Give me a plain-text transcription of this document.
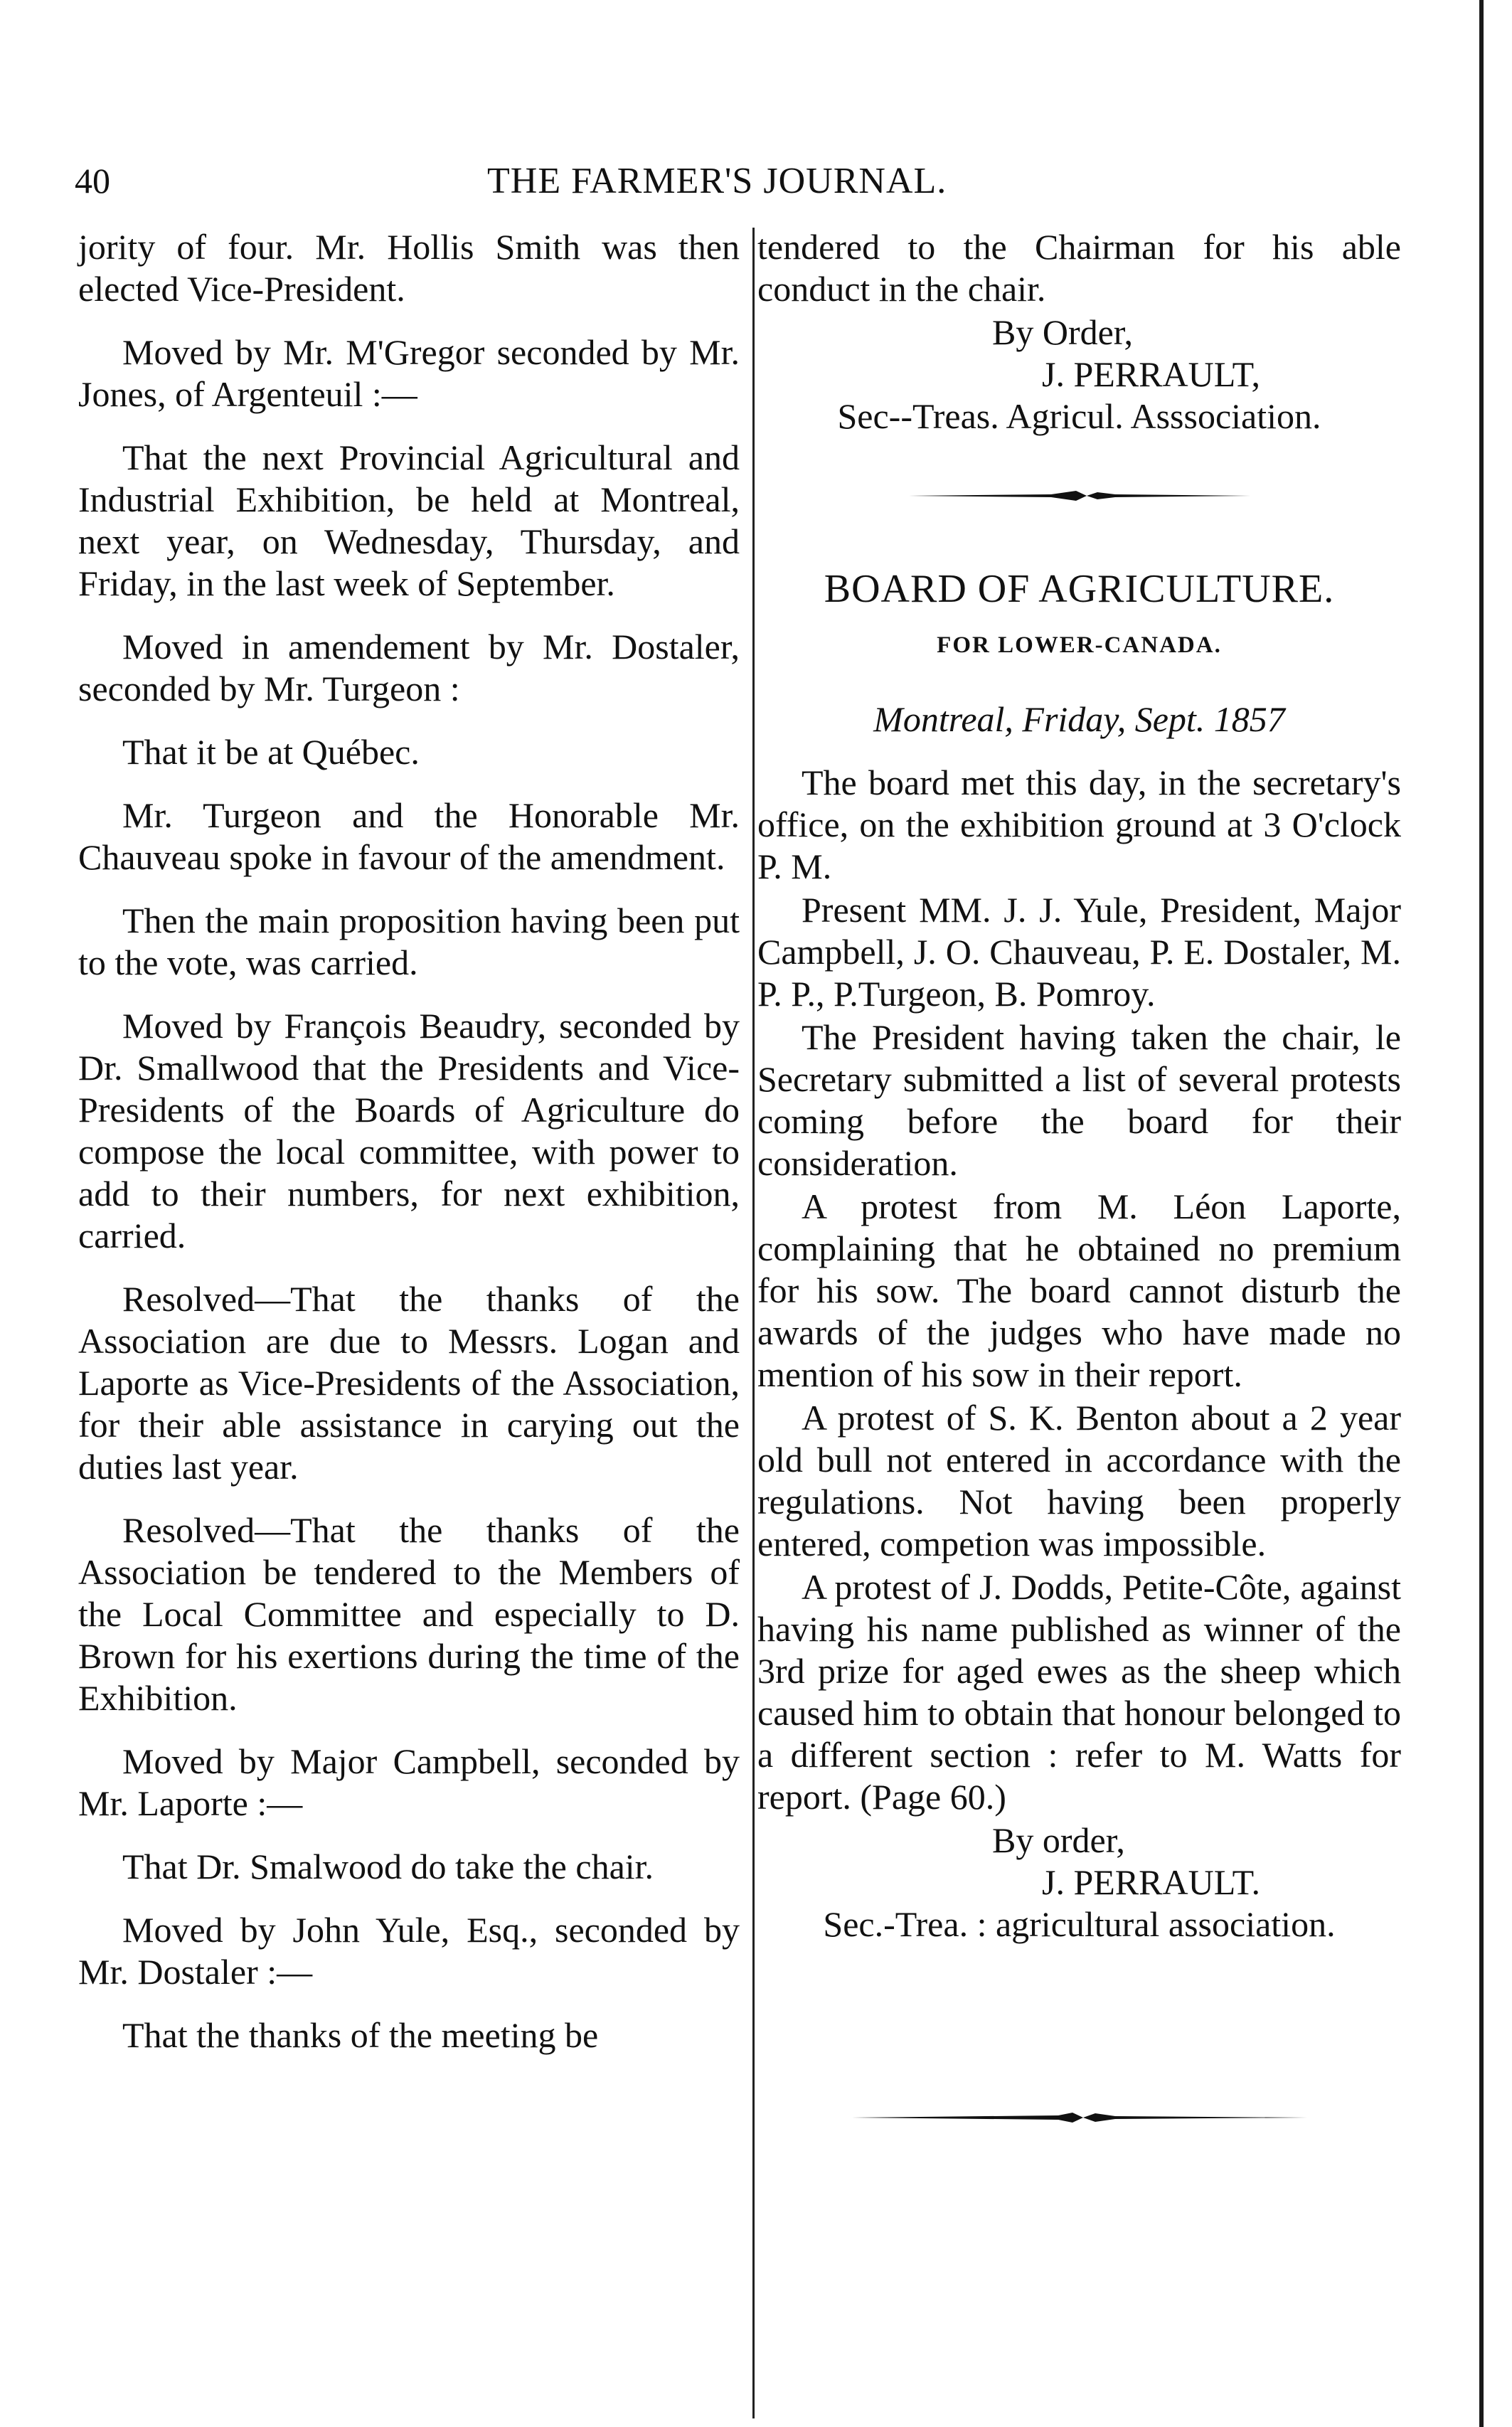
40	THE FARMER'S JOURNAL.

jority of four. Mr. Hollis Smith was then elected Vice-President.

Moved by Mr. M'Gregor seconded by Mr. Jones, of Argenteuil :—

That the next Provincial Agricultural and Industrial Exhibition, be held at Montreal, next year, on Wednesday, Thursday, and Friday, in the last week of September.

Moved in amendement by Mr. Dostaler, seconded by Mr. Turgeon :

That it be at Québec.

Mr. Turgeon and the Honorable Mr. Chauveau spoke in favour of the amendment.

Then the main proposition having been put to the vote, was carried.

Moved by François Beaudry, seconded by Dr. Smallwood that the Presidents and Vice-Presidents of the Boards of Agriculture do compose the local committee, with power to add to their numbers, for next exhibition, carried.

Resolved—That the thanks of the Association are due to Messrs. Logan and Laporte as Vice-Presidents of the Association, for their able assistance in carying out the duties last year.

Resolved—That the thanks of the Association be tendered to the Members of the Local Committee and especially to D. Brown for his exertions during the time of the Exhibition.

Moved by Major Campbell, seconded by Mr. Laporte :—

That Dr. Smalwood do take the chair.

Moved by John Yule, Esq., seconded by Mr. Dostaler :—

That the thanks of the meeting be

tendered to the Chairman for his able conduct in the chair.

By Order,
J. PERRAULT,
Sec--Treas. Agricul. Asssociation.
BOARD OF AGRICULTURE.
FOR LOWER-CANADA.
Montreal, Friday, Sept. 1857

The board met this day, in the secretary's office, on the exhibition ground at 3 O'clock P. M.

Present MM. J. J. Yule, President, Major Campbell, J. O. Chauveau, P. E. Dostaler, M. P. P., P.Turgeon, B. Pomroy.

The President having taken the chair, le Secretary submitted a list of several protests coming before the board for their consideration.

A protest from M. Léon Laporte, complaining that he obtained no premium for his sow. The board cannot disturb the awards of the judges who have made no mention of his sow in their report.

A protest of S. K. Benton about a 2 year old bull not entered in accordance with the regulations. Not having been properly entered, competion was impossible.

A protest of J. Dodds, Petite-Côte, against having his name published as winner of the 3rd prize for aged ewes as the sheep which caused him to obtain that honour belonged to a different section : refer to M. Watts for report. (Page 60.)

By order,
J. PERRAULT.
Sec.-Trea. : agricultural association.
